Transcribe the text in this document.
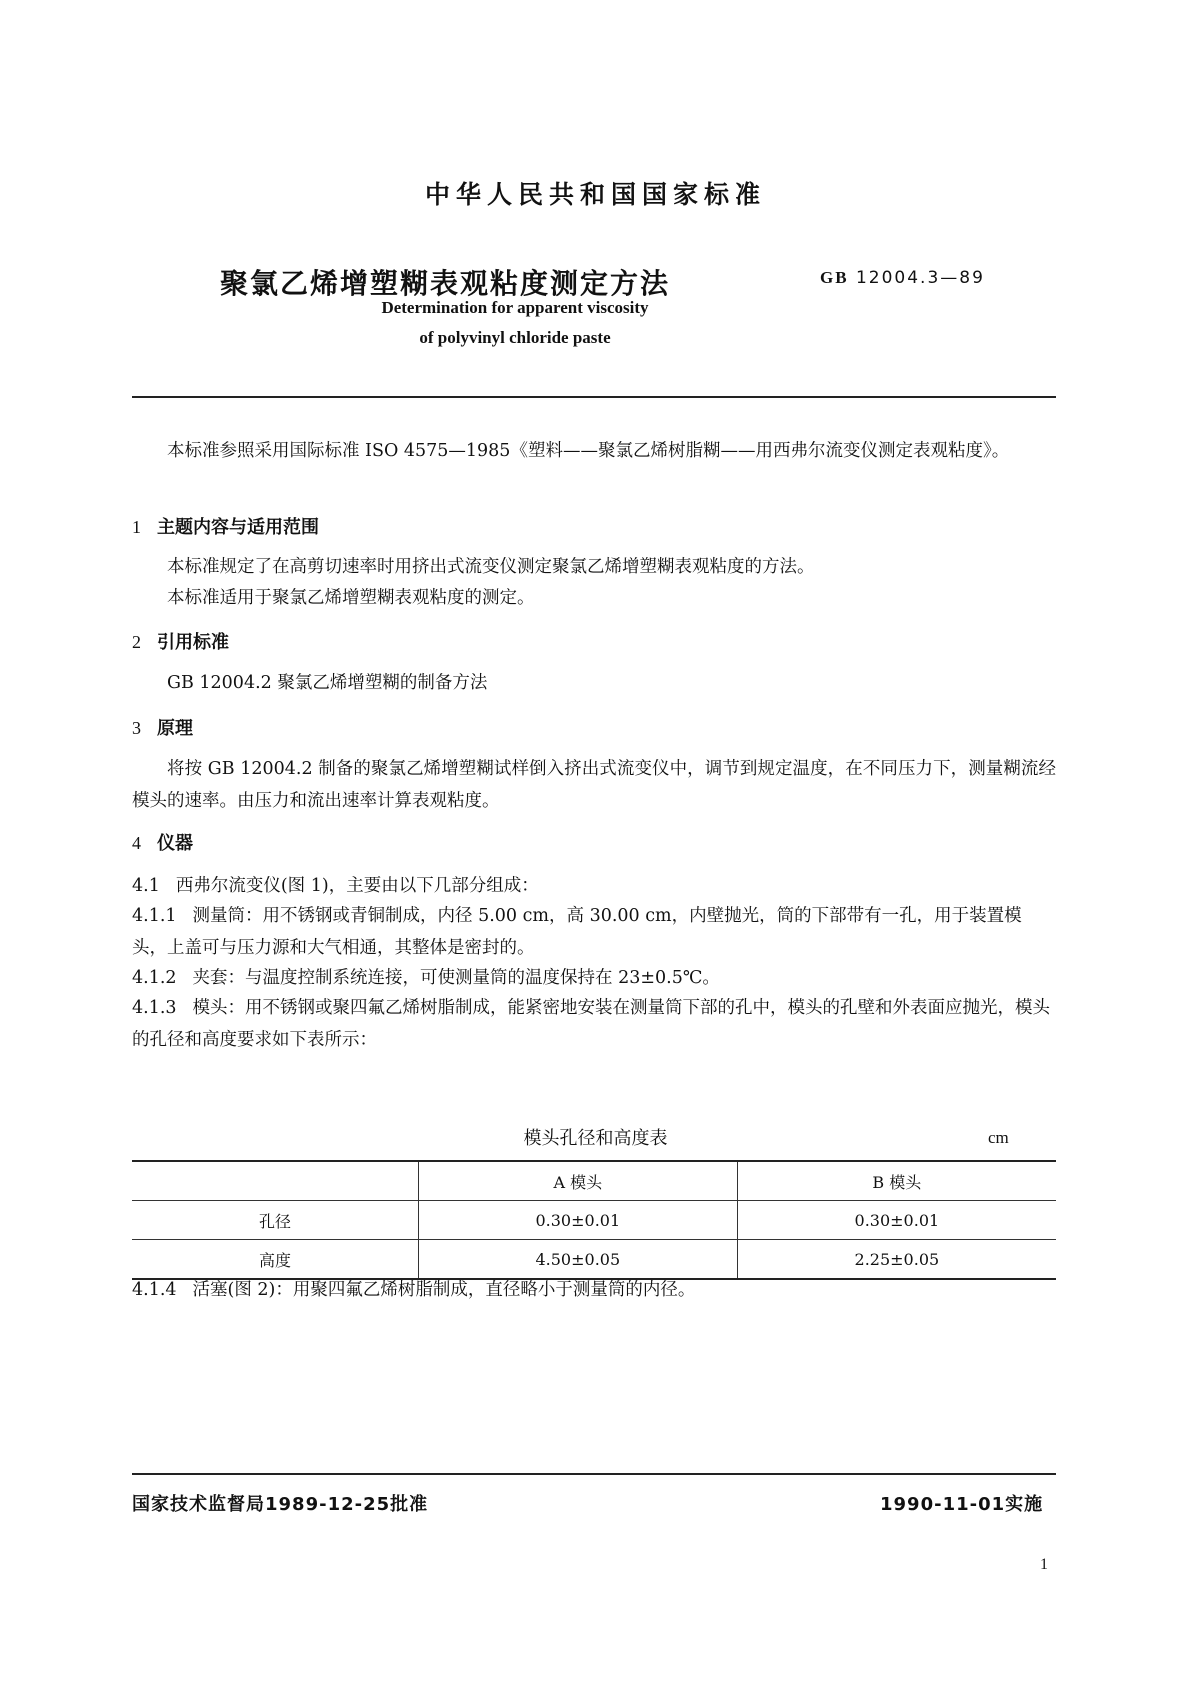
中华人民共和国国家标准
聚氯乙烯增塑糊表观粘度测定方法	GB 12004.3—89
Determination for apparent viscosity
of polyvinyl chloride paste
本标准参照采用国际标准 ISO 4575—1985《塑料——聚氯乙烯树脂糊——用西弗尔流变仪测定表观粘度》。
1 主题内容与适用范围
本标准规定了在高剪切速率时用挤出式流变仪测定聚氯乙烯增塑糊表观粘度的方法。
本标准适用于聚氯乙烯增塑糊表观粘度的测定。
2 引用标准
GB 12004.2 聚氯乙烯增塑糊的制备方法
3 原理
将按 GB 12004.2 制备的聚氯乙烯增塑糊试样倒入挤出式流变仪中，调节到规定温度，在不同压力下，测量糊流经模头的速率。由压力和流出速率计算表观粘度。
4 仪器
4.1 西弗尔流变仪(图 1)，主要由以下几部分组成：
4.1.1 测量筒：用不锈钢或青铜制成，内径 5.00 cm，高 30.00 cm，内壁抛光，筒的下部带有一孔，用于装置模头，上盖可与压力源和大气相通，其整体是密封的。
4.1.2 夹套：与温度控制系统连接，可使测量筒的温度保持在 23±0.5℃。
4.1.3 模头：用不锈钢或聚四氟乙烯树脂制成，能紧密地安装在测量筒下部的孔中，模头的孔壁和外表面应抛光，模头的孔径和高度要求如下表所示：
模头孔径和高度表	cm
	A 模头	B 模头
孔径	0.30±0.01	0.30±0.01
高度	4.50±0.05	2.25±0.05
4.1.4 活塞(图 2)：用聚四氟乙烯树脂制成，直径略小于测量筒的内径。
国家技术监督局1989-12-25批准	1990-11-01实施
1
